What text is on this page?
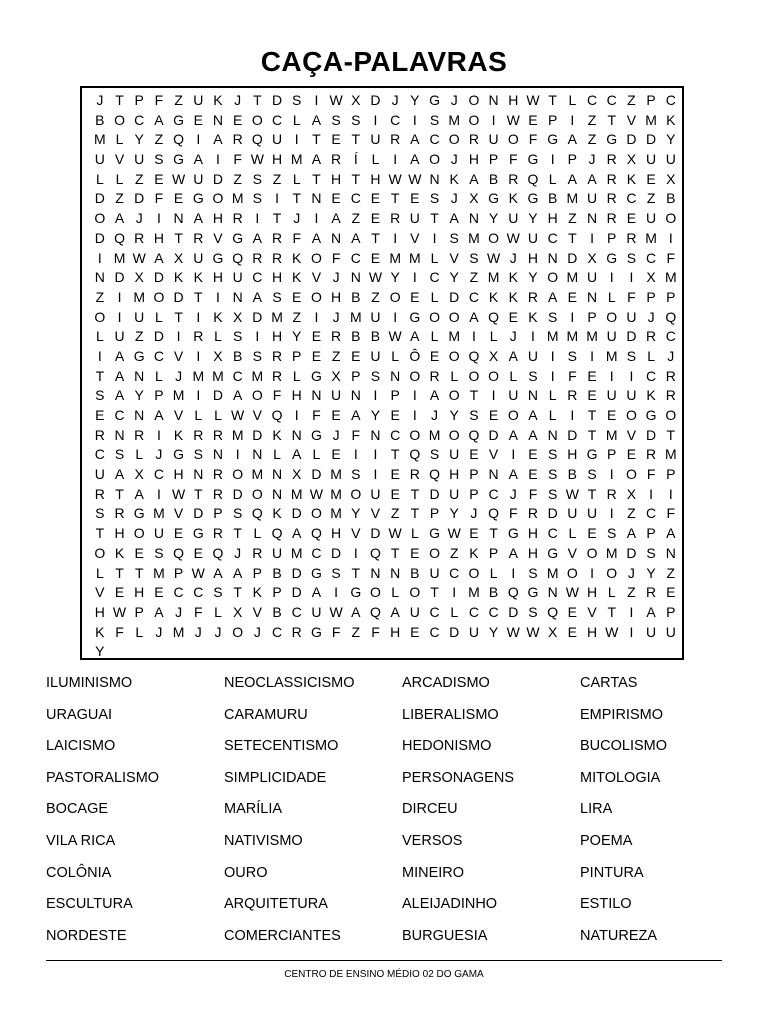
CAÇA-PALAVRAS
J T P F Z U K J T D S I W X D J Y G J O N H W T L C C Z P C
B O C A G E N E O C L A S S I C I S M O I W E P I Z T V M K
M L Y Z Q I A R Q U I T E T U R A C O R U O F G A Z G D D Y
U V U S G A I F W H M A R Í L I A O J H P F G I P J R X U U
L L Z E W U D Z S Z L T H T H W W N K A B R Q L A A R K E X
D Z D F E G O M S I T N E C E T E S J X G K G B M U R C Z B
O A J	I N A H R I T J	I A Z E R U T A N Y U Y H Z N R E U O
D Q R H T R V G A R F A N A T I V I S M O W U C T I P R M I
I M W A X U G Q R R K O F C E M M L V S W J H N D X G S C F
N D X D K K H U C H K V J N W Y I C Y Z M K Y O M U I	I X M
Z I M O D T I N A S E O H B Z O E L D C K K R A E N L F P P
O I U L T I K X D M Z I	J M U I G O O A Q E K S I P O U J Q
L U Z D I R L S I H Y E R B B W A L M I L J	I M M M U D R C
I A G C V I X B S R P E Z E U L Ô E O Q X A U I S I M S L J
T A N L J M M C M R L G X P S N O R L O O L S I F E I	I C R
S A Y P M I D A O F H N U N I P I A O T I U N L R E U U K R
E C N A V L L W V Q I F E A Y E I	J Y S E O A L I T E O G O
R N R I K R R M D K N G J F N C O M O Q D A A N D T M V D T
C S L J G S N I N L A L E I	I T Q S U E V I E S H G P E R M
U A X C H N R O M N X D M S I E R Q H P N A E S B S I O F P
R T A I W T R D O N M W M O U E T D U P C J F S W T R X I	I
S R G M V D P S Q K D O M Y V Z T P Y J Q F R D U U I Z C F
T H O U E G R T L Q A Q H V D W L G W E T G H C L E S A P A
O K E S Q E Q J R U M C D I Q T E O Z K P A H G V O M D S N
L T T M P W A A P B D G S T N N B U C O L I S M O I O J Y Z
V E H E C C S T K P D A I G O L O T I M B Q G N W H L Z R E
H W P A J F L X V B C U W A Q A U C L C C D S Q E V T I A P
K F L J M J J O J C R G F Z F H E C D U Y W W X E H W I U U
Y
ILUMINISMO	NEOCLASSICISMO	ARCADISMO	CARTAS
URAGUAI	CARAMURU	LIBERALISMO	EMPIRISMO
LAICISMO	SETECENTISMO	HEDONISMO	BUCOLISMO
PASTORALISMO	SIMPLICIDADE	PERSONAGENS	MITOLOGIA
BOCAGE	MARÍLIA	DIRCEU	LIRA
VILA RICA	NATIVISMO	VERSOS	POEMA
COLÔNIA	OURO	MINEIRO	PINTURA
ESCULTURA	ARQUITETURA	ALEIJADINHO	ESTILO
NORDESTE	COMERCIANTES	BURGUESIA	NATUREZA
CENTRO DE ENSINO MÉDIO 02 DO GAMA
